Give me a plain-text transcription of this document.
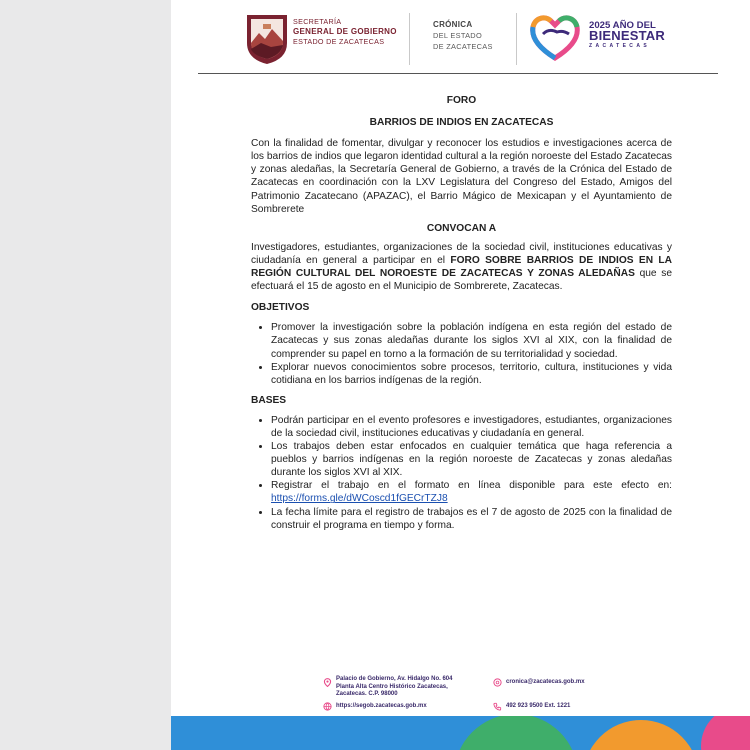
SECRETARÍA
GENERAL DE GOBIERNO
ESTADO DE ZACATECAS
CRÓNICA
DEL ESTADO
DE ZACATECAS
2025 AÑO DEL
BIENESTAR
ZACATECAS

FORO

BARRIOS DE INDIOS EN ZACATECAS

Con la finalidad de fomentar, divulgar y reconocer los estudios e investigaciones acerca de los barrios de indios que legaron identidad cultural a la región noroeste del Estado Zacatecas y zonas aledañas, la Secretaría General de Gobierno, a través de la Crónica del Estado de Zacatecas en coordinación con la LXV Legislatura del Congreso del Estado, Amigos del Patrimonio Zacatecano (APAZAC), el Barrio Mágico de Mexicapan y el Ayuntamiento de Sombrerete

CONVOCAN A

Investigadores, estudiantes, organizaciones de la sociedad civil, instituciones educativas y ciudadanía en general a participar en el FORO SOBRE BARRIOS DE INDIOS EN LA REGIÓN CULTURAL DEL NOROESTE DE ZACATECAS Y ZONAS ALEDAÑAS que se efectuará el 15 de agosto en el Municipio de Sombrerete, Zacatecas.

OBJETIVOS

• Promover la investigación sobre la población indígena en esta región del estado de Zacatecas y sus zonas aledañas durante los siglos XVI al XIX, con la finalidad de comprender su papel en torno a la formación de su territorialidad y sociedad.
• Explorar nuevos conocimientos sobre procesos, territorio, cultura, instituciones y vida cotidiana en los barrios indígenas de la región.

BASES

• Podrán participar en el evento profesores e investigadores, estudiantes, organizaciones de la sociedad civil, instituciones educativas y ciudadanía en general.
• Los trabajos deben estar enfocados en cualquier temática que haga referencia a pueblos y barrios indígenas en la región noroeste de Zacatecas y zonas aledañas durante los siglos XVI al XIX.
• Registrar el trabajo en el formato en línea disponible para este efecto en: https://forms.gle/dWCoscd1fGECrTZJ8
• La fecha límite para el registro de trabajos es el 7 de agosto de 2025 con la finalidad de construir el programa en tiempo y forma.
Palacio de Gobierno, Av. Hidalgo No. 604
Planta Alta Centro Histórico Zacatecas,
Zacatecas. C.P. 98000
https://segob.zacatecas.gob.mx
cronica@zacatecas.gob.mx
492 923 9500 Ext. 1221
